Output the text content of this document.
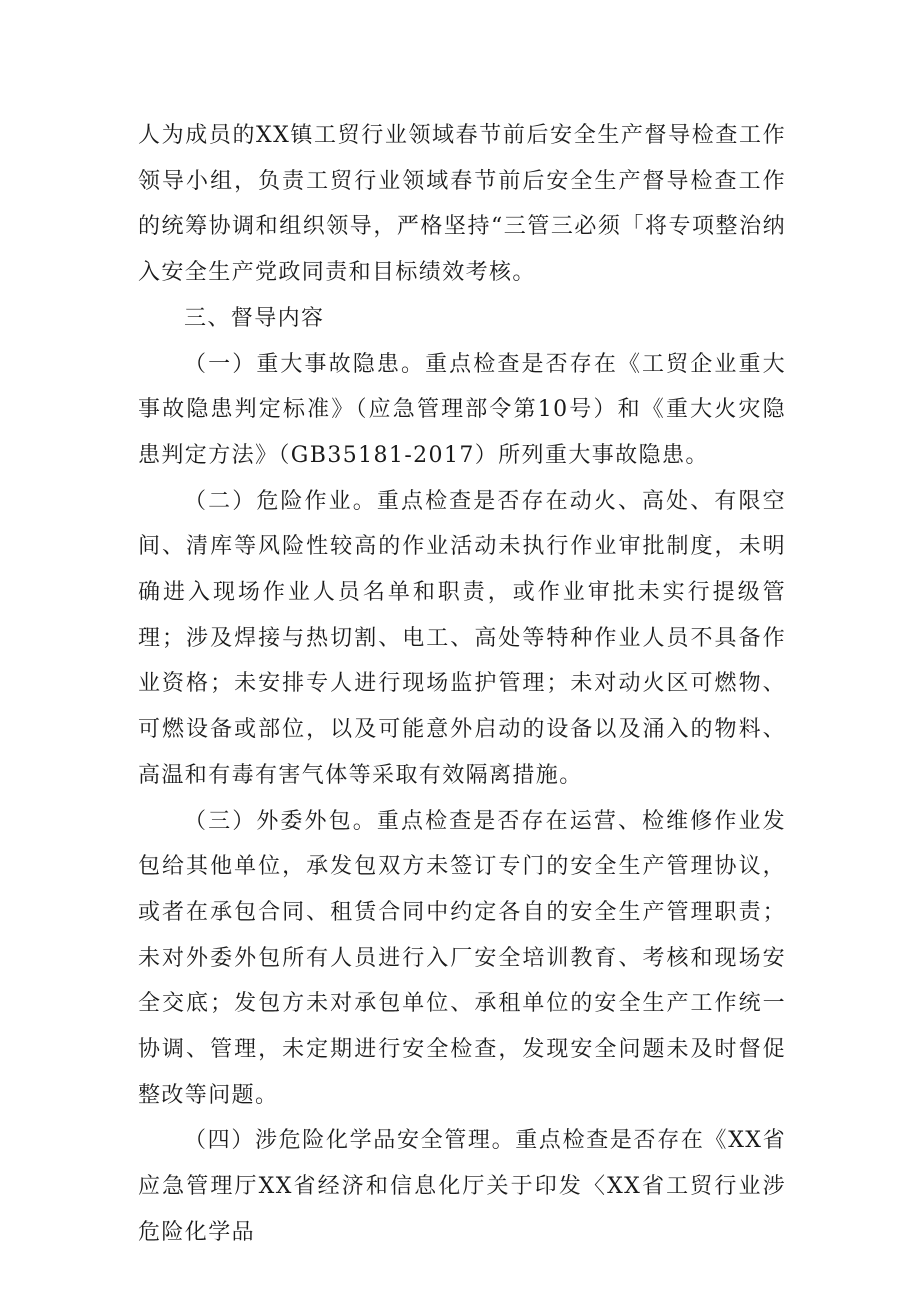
人为成员的XX镇工贸行业领域春节前后安全生产督导检查工作领导小组，负责工贸行业领域春节前后安全生产督导检查工作的统筹协调和组织领导，严格坚持“三管三必须「将专项整治纳入安全生产党政同责和目标绩效考核。

三、督导内容

（一）重大事故隐患。重点检查是否存在《工贸企业重大事故隐患判定标准》（应急管理部令第10号）和《重大火灾隐患判定方法》（GB35181-2017）所列重大事故隐患。

（二）危险作业。重点检查是否存在动火、高处、有限空间、清库等风险性较高的作业活动未执行作业审批制度，未明确进入现场作业人员名单和职责，或作业审批未实行提级管理；涉及焊接与热切割、电工、高处等特种作业人员不具备作业资格；未安排专人进行现场监护管理；未对动火区可燃物、可燃设备或部位，以及可能意外启动的设备以及涌入的物料、高温和有毒有害气体等采取有效隔离措施。

（三）外委外包。重点检查是否存在运营、检维修作业发包给其他单位，承发包双方未签订专门的安全生产管理协议，或者在承包合同、租赁合同中约定各自的安全生产管理职责；未对外委外包所有人员进行入厂安全培训教育、考核和现场安全交底；发包方未对承包单位、承租单位的安全生产工作统一协调、管理，未定期进行安全检查，发现安全问题未及时督促整改等问题。

（四）涉危险化学品安全管理。重点检查是否存在《XX省应急管理厅XX省经济和信息化厅关于印发〈XX省工贸行业涉危险化学品
